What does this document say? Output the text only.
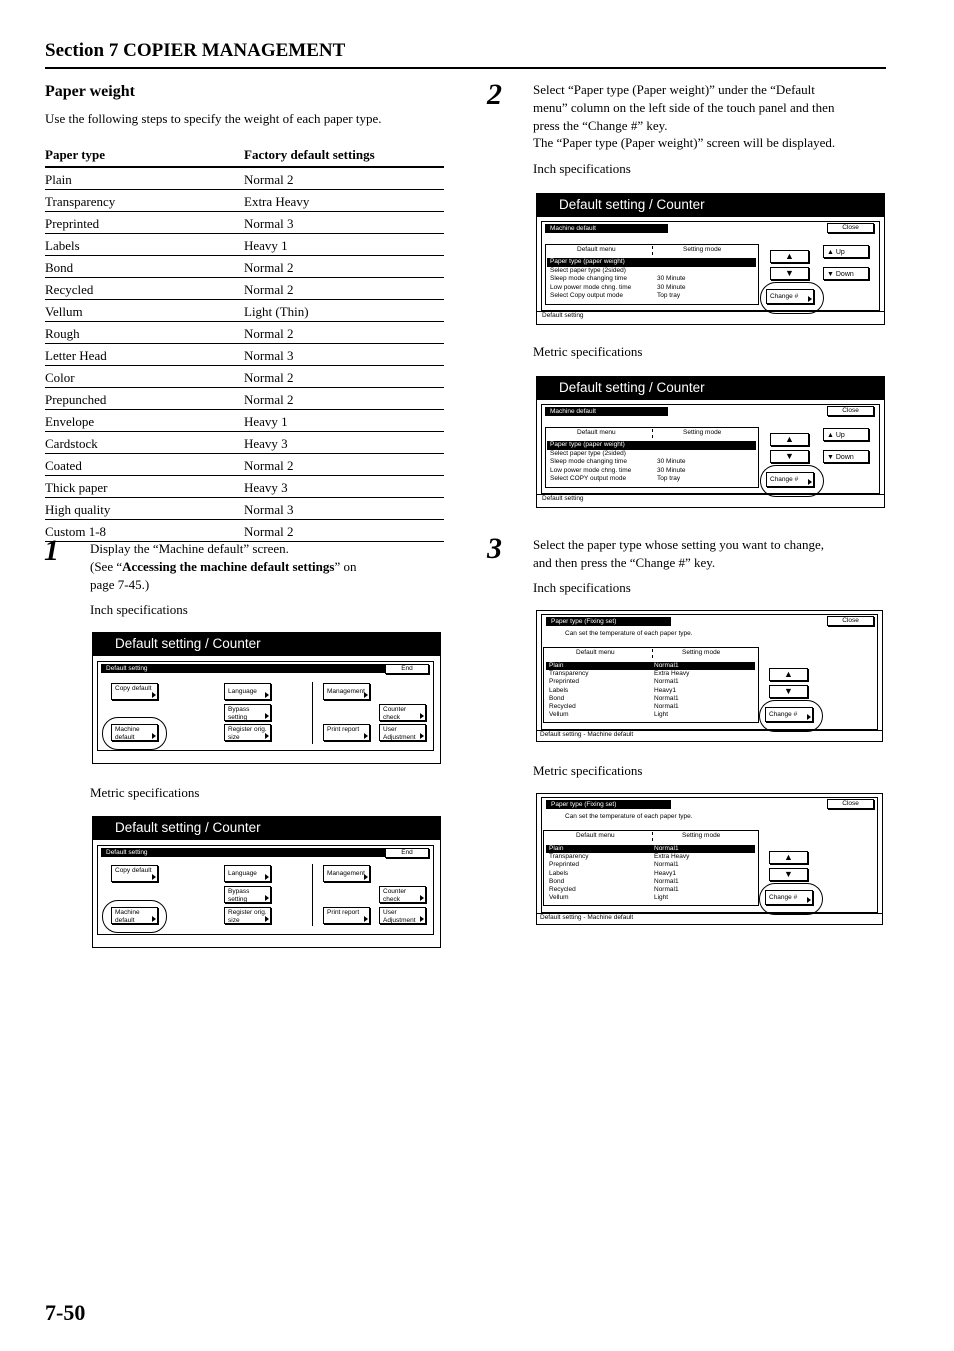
Section 7 COPIER MANAGEMENT
Paper weight
Use the following steps to specify the weight of each paper type.
Paper type	Factory default settings
Plain	Normal 2
Transparency	Extra Heavy
Preprinted	Normal 3
Labels	Heavy 1
Bond	Normal 2
Recycled	Normal 2
Vellum	Light (Thin)
Rough	Normal 2
Letter Head	Normal 3
Color	Normal 2
Prepunched	Normal 2
Envelope	Heavy 1
Cardstock	Heavy 3
Coated	Normal 2
Thick paper	Heavy 3
High quality	Normal 3
Custom 1-8	Normal 2
1 Display the “Machine default” screen.
(See “Accessing the machine default settings” on
page 7-45.)
Inch specifications
Metric specifications
2 Select “Paper type (Paper weight)” under the “Default
menu” column on the left side of the touch panel and then
press the “Change #” key.
The “Paper type (Paper weight)” screen will be displayed.
Inch specifications
Metric specifications
3 Select the paper type whose setting you want to change,
and then press the “Change #” key.
Inch specifications
Metric specifications
Default setting / Counter
Default setting	End
Copy default	Language	Management
Bypass setting
Counter check
Machine default
Register orig. size
Print report	User Adjustment
Default setting / Counter
Default setting	End
Copy default	Language	Management
Bypass setting
Counter check
Machine default
Register orig. size
Print report	User Adjustment
Default setting / Counter
Machine default	Close
Default menu	Setting mode
Paper type (paper weight)
Select paper type (2sided)
Sleep mode changing time	30 Minute
Low power mode chng. time	30 Minute
Select Copy output mode	Top tray
▲
▼
▲ Up
▼ Down
Change #
Default setting
Default setting / Counter
Machine default	Close
Default menu	Setting mode
Paper type (paper weight)
Select paper type (2sided)
Sleep mode changing time	30 Minute
Low power mode chng. time	30 Minute
Select COPY output mode	Top tray
▲
▼
▲ Up
▼ Down
Change #
Default setting
Paper type (Fixing set)	Close
Can set the temperature of each paper type.
Default menu	Setting mode
Plain	Normal1
Transparency	Extra Heavy
Preprinted	Normal1
Labels	Heavy1
Bond	Normal1
Recycled	Normal1
Vellum	Light
▲
▼
Change #
Default setting - Machine default
Paper type (Fixing set)	Close
Can set the temperature of each paper type.
Default menu	Setting mode
Plain	Normal1
Transparency	Extra Heavy
Preprinted	Normal1
Labels	Heavy1
Bond	Normal1
Recycled	Normal1
Vellum	Light
▲
▼
Change #
Default setting - Machine default
7-50
